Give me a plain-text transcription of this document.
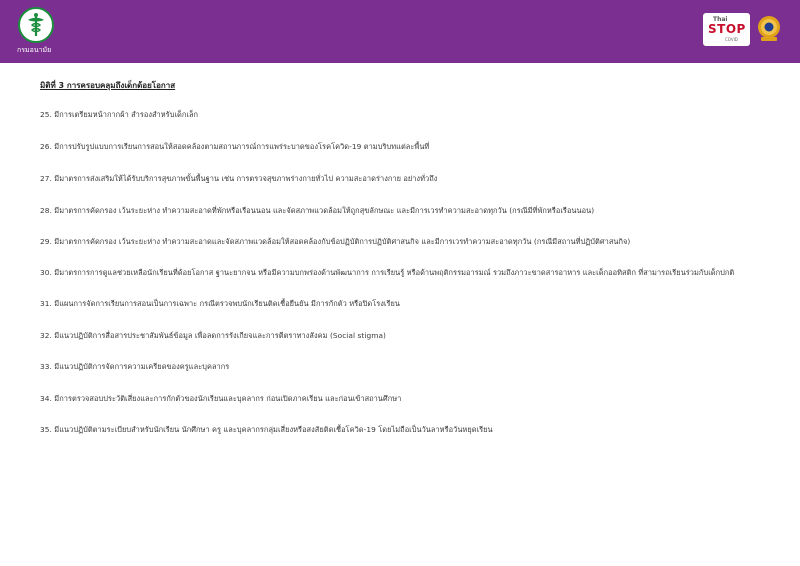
กรมอนามัย
Thai
STOP
COVID
มิติที่ 3 การครอบคลุมถึงเด็กด้อยโอกาส
25. มีการเตรียมหน้ากากผ้า สำรองสำหรับเด็กเล็ก
26. มีการปรับรูปแบบการเรียนการสอนให้สอดคล้องตามสถานการณ์การแพร่ระบาดของโรคโควิด-19 ตามบริบทแต่ละพื้นที่
27. มีมาตรการส่งเสริมให้ได้รับบริการสุขภาพขั้นพื้นฐาน เช่น การตรวจสุขภาพร่างกายทั่วไป ความสะอาดร่างกาย อย่างทั่วถึง
28. มีมาตรการคัดกรอง เว้นระยะห่าง ทำความสะอาดที่พักหรือเรือนนอน และจัดสภาพแวดล้อมให้ถูกสุขลักษณะ และมีการเวรทำความสะอาดทุกวัน (กรณีมีที่พักหรือเรือนนอน)
29. มีมาตรการคัดกรอง เว้นระยะห่าง ทำความสะอาดและจัดสภาพแวดล้อมให้สอดคล้องกับข้อปฏิบัติการปฏิบัติศาสนกิจ และมีการเวรทำความสะอาดทุกวัน (กรณีมีสถานที่ปฏิบัติศาสนกิจ)
30. มีมาตรการการดูแลช่วยเหลือนักเรียนที่ด้อยโอกาส ฐานะยากจน หรือมีความบกพร่องด้านพัฒนาการ การเรียนรู้ หรือด้านพฤติกรรมอารมณ์ รวมถึงภาวะขาดสารอาหาร และเด็กออทิสติก ที่สามารถเรียนร่วมกับเด็กปกติ
31. มีแผนการจัดการเรียนการสอนเป็นการเฉพาะ กรณีตรวจพบนักเรียนติดเชื้อยืนยัน มีการกักตัว หรือปิดโรงเรียน
32. มีแนวปฏิบัติการสื่อสารประชาสัมพันธ์ข้อมูล เพื่อลดการรังเกียจและการตีตราทางสังคม (Social stigma)
33. มีแนวปฏิบัติการจัดการความเครียดของครูและบุคลากร
34. มีการตรวจสอบประวัติเสี่ยงและการกักตัวของนักเรียนและบุคลากร ก่อนเปิดภาคเรียน และก่อนเข้าสถานศึกษา
35. มีแนวปฏิบัติตามระเบียบสำหรับนักเรียน นักศึกษา ครู และบุคลากรกลุ่มเสี่ยงหรือสงสัยติดเชื้อโควิด-19 โดยไม่ถือเป็นวันลาหรือวันหยุดเรียน
